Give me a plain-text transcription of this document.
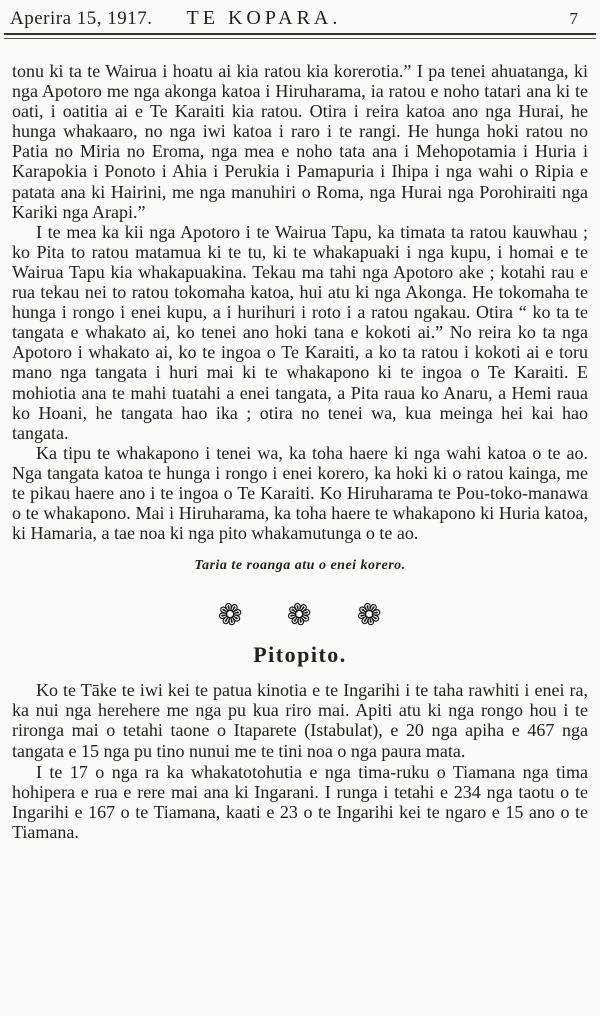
Aperira 15, 1917. TE KOPARA.	7

tonu ki ta te Wairua i hoatu ai kia ratou kia korerotia.” I pa tenei ahuatanga, ki nga Apotoro me nga akonga katoa i Hiruharama, ia ratou e noho tatari ana ki te oati, i oatitia ai e Te Karaiti kia ratou. Otira i reira katoa ano nga Hurai, he hunga whakaaro, no nga iwi katoa i raro i te rangi. He hunga hoki ratou no Patia no Miria no Eroma, nga mea e noho tata ana i Mehopotamia i Huria i Karapokia i Ponoto i Ahia i Perukia i Pamapuria i Ihipa i nga wahi o Ripia e patata ana ki Hairini, me nga manuhiri o Roma, nga Hurai nga Porohiraiti nga Kariki nga Arapi.”

I te mea ka kii nga Apotoro i te Wairua Tapu, ka timata ta ratou kauwhau ; ko Pita to ratou matamua ki te tu, ki te whakapuaki i nga kupu, i homai e te Wairua Tapu kia whakapuakina. Tekau ma tahi nga Apotoro ake ; kotahi rau e rua tekau nei to ratou tokomaha katoa, hui atu ki nga Akonga. He tokomaha te hunga i rongo i enei kupu, a i hurihuri i roto i a ratou ngakau. Otira “ ko ta te tangata e whakato ai, ko tenei ano hoki tana e kokoti ai.” No reira ko ta nga Apotoro i whakato ai, ko te ingoa o Te Karaiti, a ko ta ratou i kokoti ai e toru mano nga tangata i huri mai ki te whakapono ki te ingoa o Te Karaiti. E mohiotia ana te mahi tuatahi a enei tangata, a Pita raua ko Anaru, a Hemi raua ko Hoani, he tangata hao ika ; otira no tenei wa, kua meinga hei kai hao tangata.

Ka tipu te whakapono i tenei wa, ka toha haere ki nga wahi katoa o te ao. Nga tangata katoa te hunga i rongo i enei korero, ka hoki ki o ratou kainga, me te pikau haere ano i te ingoa o Te Karaiti. Ko Hiruharama te Pou-toko-manawa o te whakapono. Mai i Hiruharama, ka toha haere te whakapono ki Huria katoa, ki Hamaria, a tae noa ki nga pito whakamutunga o te ao.

Taria te roanga atu o enei korero.
❁ ❁ ❁
Pitopito.

Ko te Tāke te iwi kei te patua kinotia e te Ingarihi i te taha rawhiti i enei ra, ka nui nga herehere me nga pu kua riro mai. Apiti atu ki nga rongo hou i te rironga mai o tetahi taone o Itaparete (Istabulat), e 20 nga apiha e 467 nga tangata e 15 nga pu tino nunui me te tini noa o nga paura mata.

I te 17 o nga ra ka whakatotohutia e nga tima-ruku o Tiamana nga tima hohipera e rua e rere mai ana ki Ingarani. I runga i tetahi e 234 nga taotu o te Ingarihi e 167 o te Tiamana, kaati e 23 o te Ingarihi kei te ngaro e 15 ano o te Tiamana.
